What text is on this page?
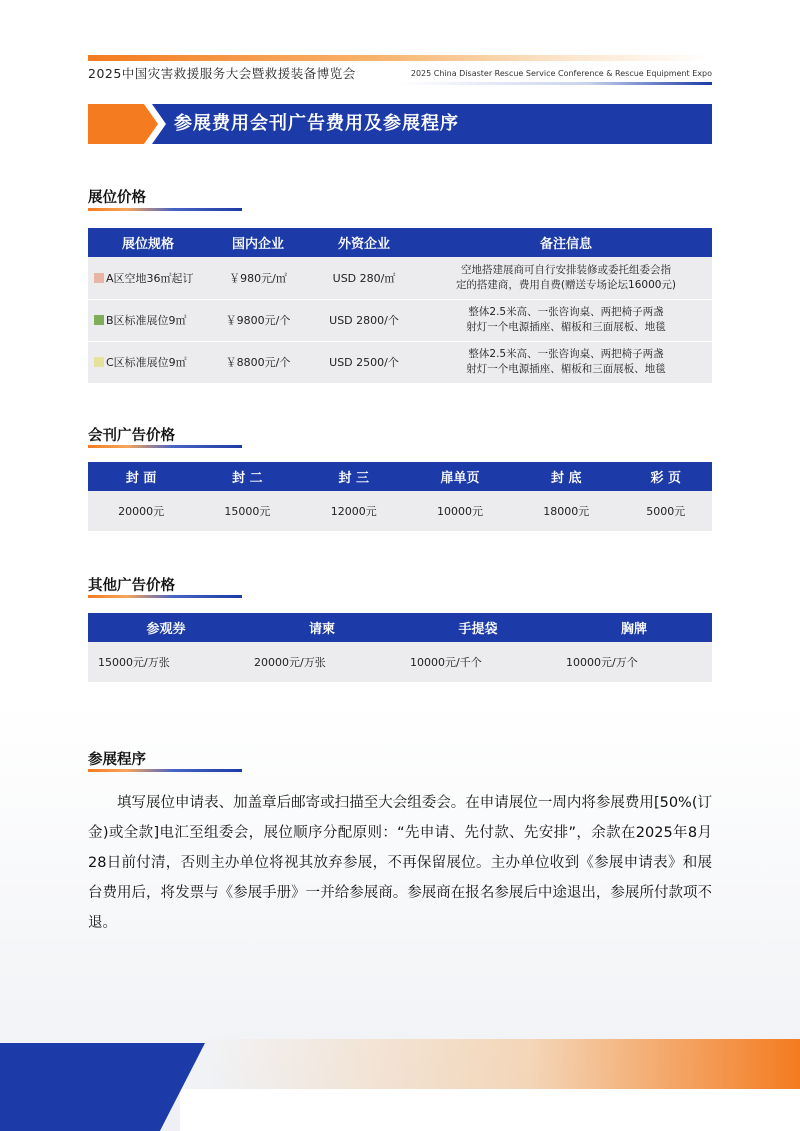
2025中国灾害救援服务大会暨救援装备博览会	2025 China Disaster Rescue Service Conference & Rescue Equipment Expo
参展费用会刊广告费用及参展程序
展位价格
展位规格	国内企业	外资企业	备注信息
A区空地36㎡起订	￥980元/㎡	USD 280/㎡	空地搭建展商可自行安排装修或委托组委会指
定的搭建商，费用自费(赠送专场论坛16000元)
B区标准展位9㎡	￥9800元/个	USD 2800/个	整体2.5米高、一张咨询桌、两把椅子两盏
射灯一个电源插座、楣板和三面展板、地毯
C区标准展位9㎡	￥8800元/个	USD 2500/个	整体2.5米高、一张咨询桌、两把椅子两盏
射灯一个电源插座、楣板和三面展板、地毯
会刊广告价格
封 面	封 二	封 三	扉单页	封 底	彩 页
20000元	15000元	12000元	10000元	18000元	5000元
其他广告价格
参观券	请柬	手提袋	胸牌
15000元/万张	20000元/万张	10000元/千个	10000元/万个
参展程序

填写展位申请表、加盖章后邮寄或扫描至大会组委会。在申请展位一周内将参展费用[50%(订金)或全款]电汇至组委会，展位顺序分配原则：“先申请、先付款、先安排”，余款在2025年8月28日前付清，否则主办单位将视其放弃参展，不再保留展位。主办单位收到《参展申请表》和展台费用后，将发票与《参展手册》一并给参展商。参展商在报名参展后中途退出，参展所付款项不退。
